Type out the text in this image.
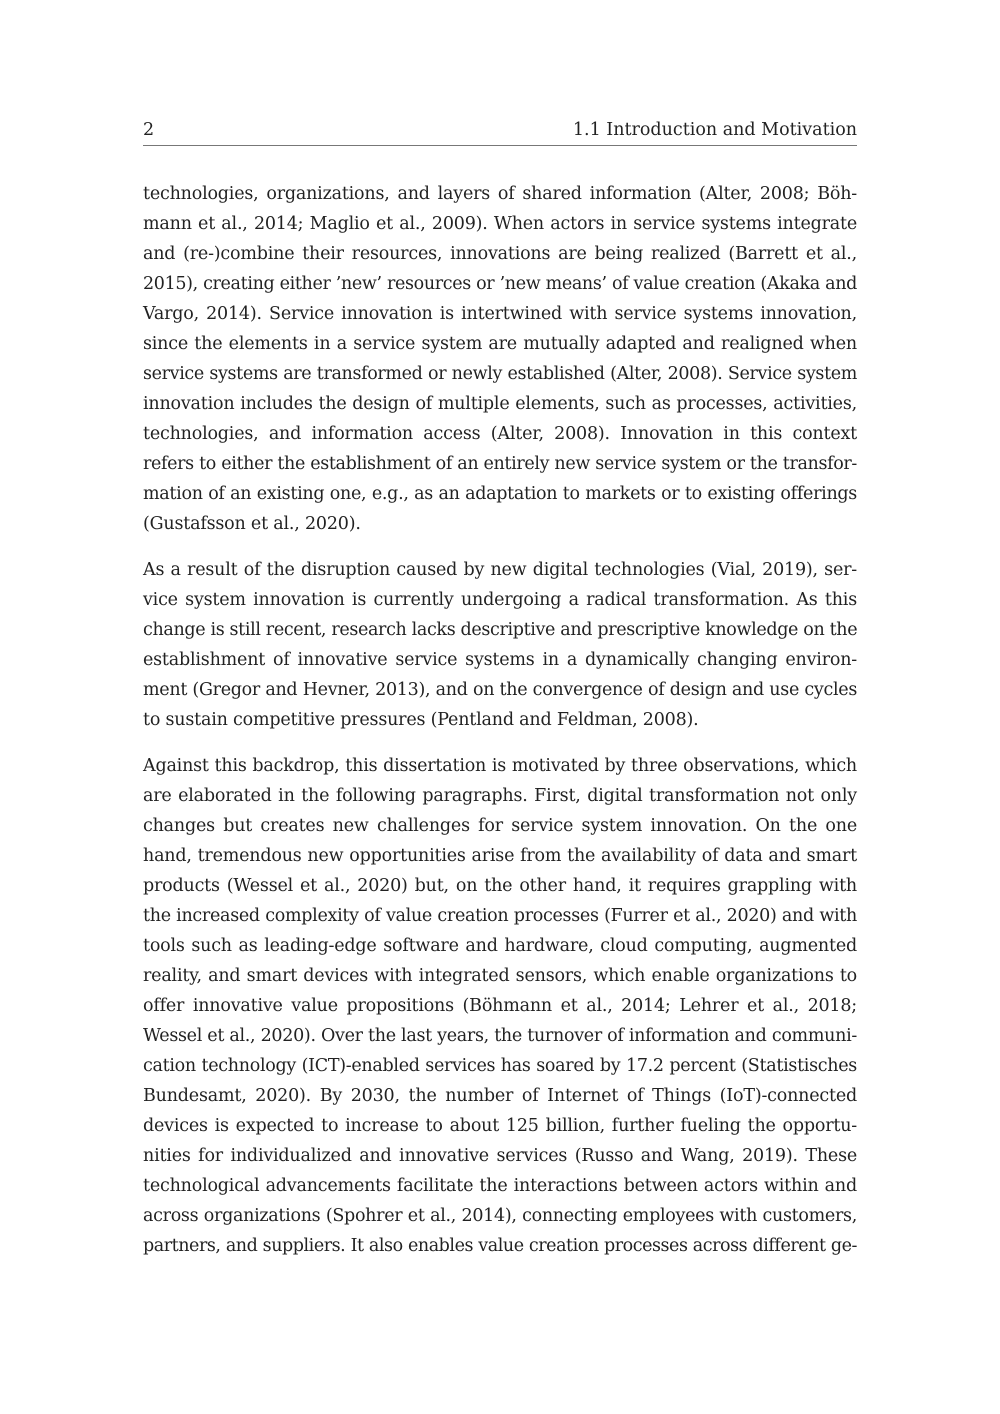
2	1.1 Introduction and Motivation

technologies, organizations, and layers of shared information (Alter, 2008; Böh-
mann et al., 2014; Maglio et al., 2009). When actors in service systems integrate
and (re-)combine their resources, innovations are being realized (Barrett et al.,
2015), creating either ’new’ resources or ’new means’ of value creation (Akaka and
Vargo, 2014). Service innovation is intertwined with service systems innovation,
since the elements in a service system are mutually adapted and realigned when
service systems are transformed or newly established (Alter, 2008). Service system
innovation includes the design of multiple elements, such as processes, activities,
technologies, and information access (Alter, 2008). Innovation in this context
refers to either the establishment of an entirely new service system or the transfor-
mation of an existing one, e.g., as an adaptation to markets or to existing offerings
(Gustafsson et al., 2020).

As a result of the disruption caused by new digital technologies (Vial, 2019), ser-
vice system innovation is currently undergoing a radical transformation. As this
change is still recent, research lacks descriptive and prescriptive knowledge on the
establishment of innovative service systems in a dynamically changing environ-
ment (Gregor and Hevner, 2013), and on the convergence of design and use cycles
to sustain competitive pressures (Pentland and Feldman, 2008).

Against this backdrop, this dissertation is motivated by three observations, which
are elaborated in the following paragraphs. First, digital transformation not only
changes but creates new challenges for service system innovation. On the one
hand, tremendous new opportunities arise from the availability of data and smart
products (Wessel et al., 2020) but, on the other hand, it requires grappling with
the increased complexity of value creation processes (Furrer et al., 2020) and with
tools such as leading-edge software and hardware, cloud computing, augmented
reality, and smart devices with integrated sensors, which enable organizations to
offer innovative value propositions (Böhmann et al., 2014; Lehrer et al., 2018;
Wessel et al., 2020). Over the last years, the turnover of information and communi-
cation technology (ICT)-enabled services has soared by 17.2 percent (Statistisches
Bundesamt, 2020). By 2030, the number of Internet of Things (IoT)-connected
devices is expected to increase to about 125 billion, further fueling the opportu-
nities for individualized and innovative services (Russo and Wang, 2019). These
technological advancements facilitate the interactions between actors within and
across organizations (Spohrer et al., 2014), connecting employees with customers,
partners, and suppliers. It also enables value creation processes across different ge-
